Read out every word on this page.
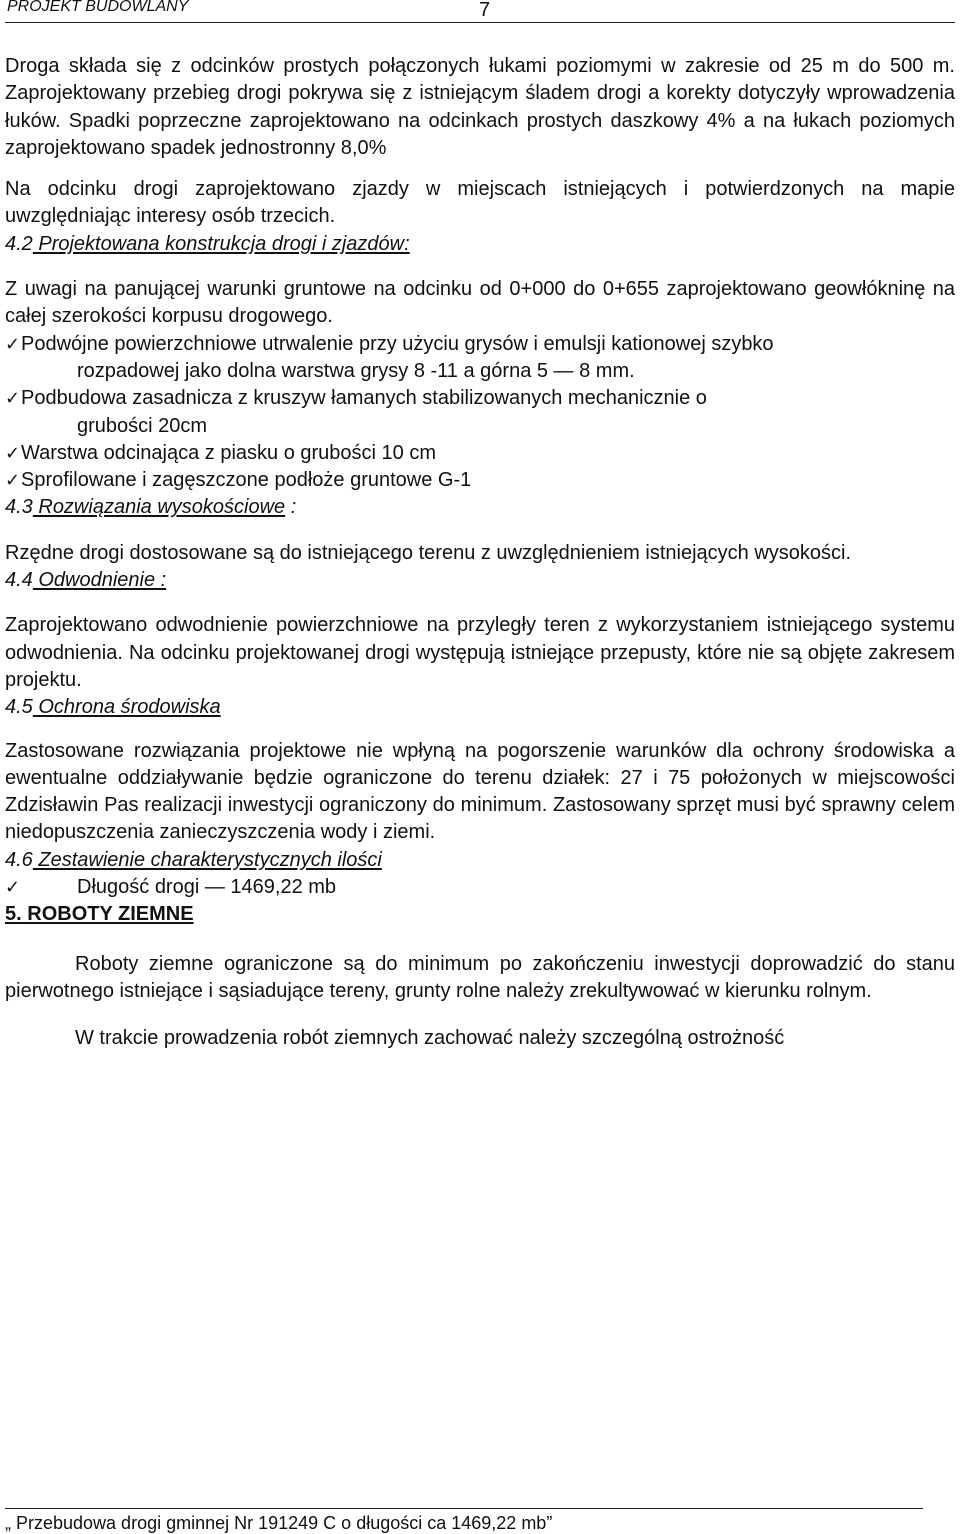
PROJEKT BUDOWLANY	7

Droga składa się z odcinków prostych połączonych łukami poziomymi w zakresie od 25 m do 500 m. Zaprojektowany przebieg drogi pokrywa się z istniejącym śladem drogi a korekty dotyczyły wprowadzenia łuków. Spadki poprzeczne zaprojektowano na odcinkach prostych daszkowy 4% a na łukach poziomych zaprojektowano spadek jednostronny 8,0%

Na odcinku drogi zaprojektowano zjazdy w miejscach istniejących i potwierdzonych na mapie uwzględniając interesy osób trzecich.

4.2 Projektowana konstrukcja drogi i zjazdów:

Z uwagi na panującej warunki gruntowe na odcinku od 0+000 do 0+655 zaprojektowano geowłókninę na całej szerokości korpusu drogowego.

✓ Podwójne powierzchniowe utrwalenie przy użyciu grysów i emulsji kationowej szybko
rozpadowej jako dolna warstwa grysy 8 -11 a górna 5 — 8 mm.
✓ Podbudowa zasadnicza z kruszyw łamanych stabilizowanych mechanicznie o
grubości 20cm
✓ Warstwa odcinająca z piasku o grubości 10 cm
✓ Sprofilowane i zagęszczone podłoże gruntowe G-1

4.3 Rozwiązania wysokościowe :

Rzędne drogi dostosowane są do istniejącego terenu z uwzględnieniem istniejących wysokości.

4.4 Odwodnienie :

Zaprojektowano odwodnienie powierzchniowe na przyległy teren z wykorzystaniem istniejącego systemu odwodnienia. Na odcinku projektowanej drogi występują istniejące przepusty, które nie są objęte zakresem projektu.

4.5 Ochrona środowiska

Zastosowane rozwiązania projektowe nie wpłyną na pogorszenie warunków dla ochrony środowiska a ewentualne oddziaływanie będzie ograniczone do terenu działek: 27 i 75 położonych w miejscowości Zdzisławin Pas realizacji inwestycji ograniczony do minimum. Zastosowany sprzęt musi być sprawny celem niedopuszczenia zanieczyszczenia wody i ziemi.

4.6 Zestawienie charakterystycznych ilości

✓	Długość drogi — 1469,22 mb

5. ROBOTY ZIEMNE

Roboty ziemne ograniczone są do minimum po zakończeniu inwestycji doprowadzić do stanu pierwotnego istniejące i sąsiadujące tereny, grunty rolne należy zrekultywować w kierunku rolnym.

W trakcie prowadzenia robót ziemnych zachować należy szczególną ostrożność

„ Przebudowa drogi gminnej Nr 191249 C o długości ca 1469,22 mb”
